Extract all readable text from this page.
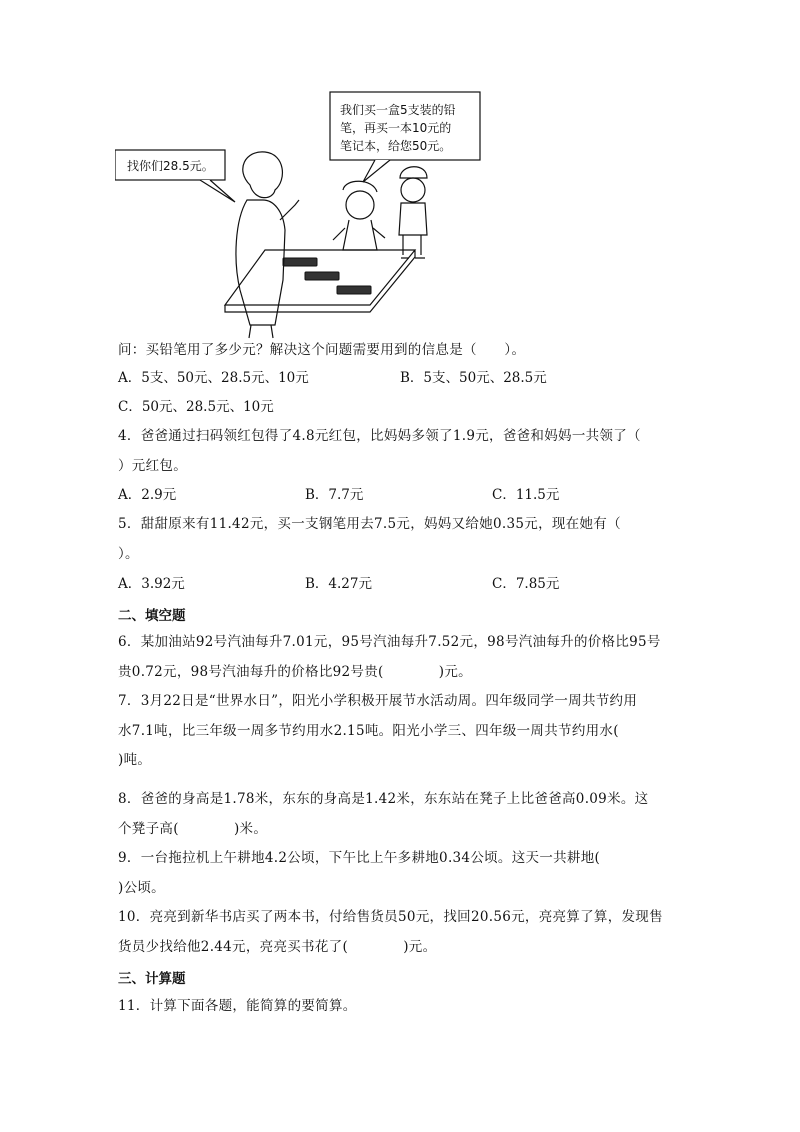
找你们28.5元。
我们买一盒5支装的铅
笔，再买一本10元的
笔记本，给您50元。
问：买铅笔用了多少元？解决这个问题需要用到的信息是（　　）。
A．5支、50元、28.5元、10元	B．5支、50元、28.5元
C．50元、28.5元、10元
4．爸爸通过扫码领红包得了4.8元红包，比妈妈多领了1.9元，爸爸和妈妈一共领了（
）元红包。
A．2.9元	B．7.7元	C．11.5元
5．甜甜原来有11.42元，买一支钢笔用去7.5元，妈妈又给她0.35元，现在她有（
）。
A．3.92元	B．4.27元	C．7.85元
二、填空题
6．某加油站92号汽油每升7.01元，95号汽油每升7.52元，98号汽油每升的价格比95号
贵0.72元，98号汽油每升的价格比92号贵(　　　　)元。
7．3月22日是“世界水日”，阳光小学积极开展节水活动周。四年级同学一周共节约用
水7.1吨，比三年级一周多节约用水2.15吨。阳光小学三、四年级一周共节约用水(
)吨。
8．爸爸的身高是1.78米，东东的身高是1.42米，东东站在凳子上比爸爸高0.09米。这
个凳子高(　　　　)米。
9．一台拖拉机上午耕地4.2公顷，下午比上午多耕地0.34公顷。这天一共耕地(
)公顷。
10．亮亮到新华书店买了两本书，付给售货员50元，找回20.56元，亮亮算了算，发现售
货员少找给他2.44元，亮亮买书花了(　　　　)元。
三、计算题
11．计算下面各题，能简算的要简算。
